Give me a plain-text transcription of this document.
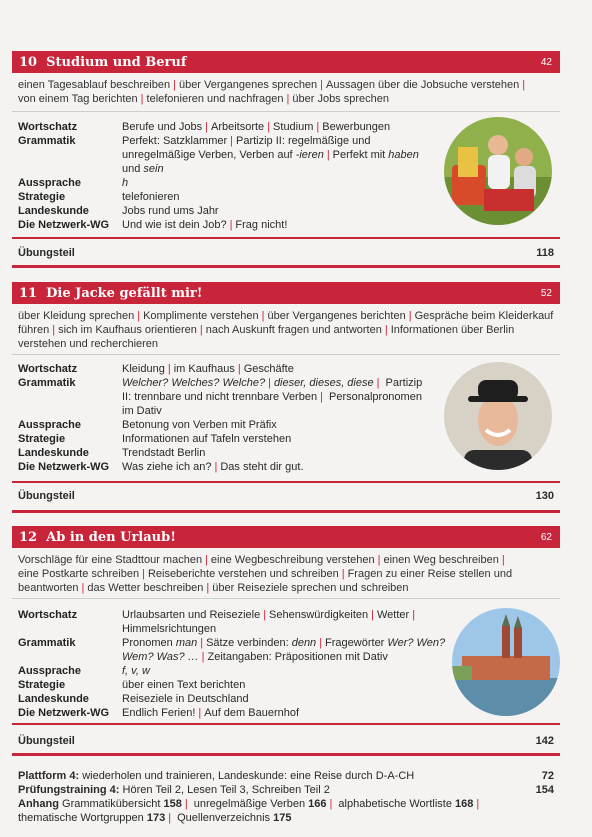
10 Studium und Beruf	42
einen Tagesablauf beschreiben | über Vergangenes sprechen | Aussagen über die Jobsuche verstehen |
von einem Tag berichten | telefonieren und nachfragen | über Jobs sprechen
Wortschatz	Berufe und Jobs | Arbeitsorte | Studium | Bewerbungen
Grammatik	Perfekt: Satzklammer | Partizip II: regelmäßige und unregelmäßige Verben, Verben auf -ieren | Perfekt mit haben und sein
Aussprache	h
Strategie	telefonieren
Landeskunde	Jobs rund ums Jahr
Die Netzwerk-WG	Und wie ist dein Job? | Frag nicht!
Übungsteil	118
11 Die Jacke gefällt mir!	52
über Kleidung sprechen | Komplimente verstehen | über Vergangenes berichten | Gespräche beim Kleiderkauf
führen | sich im Kaufhaus orientieren | nach Auskunft fragen und antworten | Informationen über Berlin
verstehen und recherchieren
Wortschatz	Kleidung | im Kaufhaus | Geschäfte
Grammatik	Welcher? Welches? Welche? | dieser, dieses, diese | Partizip II: trennbare und nicht trennbare Verben | Personalpronomen im Dativ
Aussprache	Betonung von Verben mit Präfix
Strategie	Informationen auf Tafeln verstehen
Landeskunde	Trendstadt Berlin
Die Netzwerk-WG	Was ziehe ich an? | Das steht dir gut.
Übungsteil	130
12 Ab in den Urlaub!	62
Vorschläge für eine Stadttour machen | eine Wegbeschreibung verstehen | einen Weg beschreiben |
eine Postkarte schreiben | Reiseberichte verstehen und schreiben | Fragen zu einer Reise stellen und
beantworten | das Wetter beschreiben | über Reiseziele sprechen und schreiben
Wortschatz	Urlaubsarten und Reiseziele | Sehenswürdigkeiten | Wetter |
Himmelsrichtungen
Grammatik	Pronomen man | Sätze verbinden: denn | Fragewörter Wer? Wen? Wem? Was? … | Zeitangaben: Präpositionen mit Dativ
Aussprache	f, v, w
Strategie	über einen Text berichten
Landeskunde	Reiseziele in Deutschland
Die Netzwerk-WG	Endlich Ferien! | Auf dem Bauernhof
Übungsteil	142
Plattform 4: wiederholen und trainieren, Landeskunde: eine Reise durch D-A-CH	72
Prüfungstraining 4: Hören Teil 2, Lesen Teil 3, Schreiben Teil 2	154
Anhang Grammatikübersicht 158 | unregelmäßige Verben 166 | alphabetische Wortliste 168 |
thematische Wortgruppen 173 | Quellenverzeichnis 175
